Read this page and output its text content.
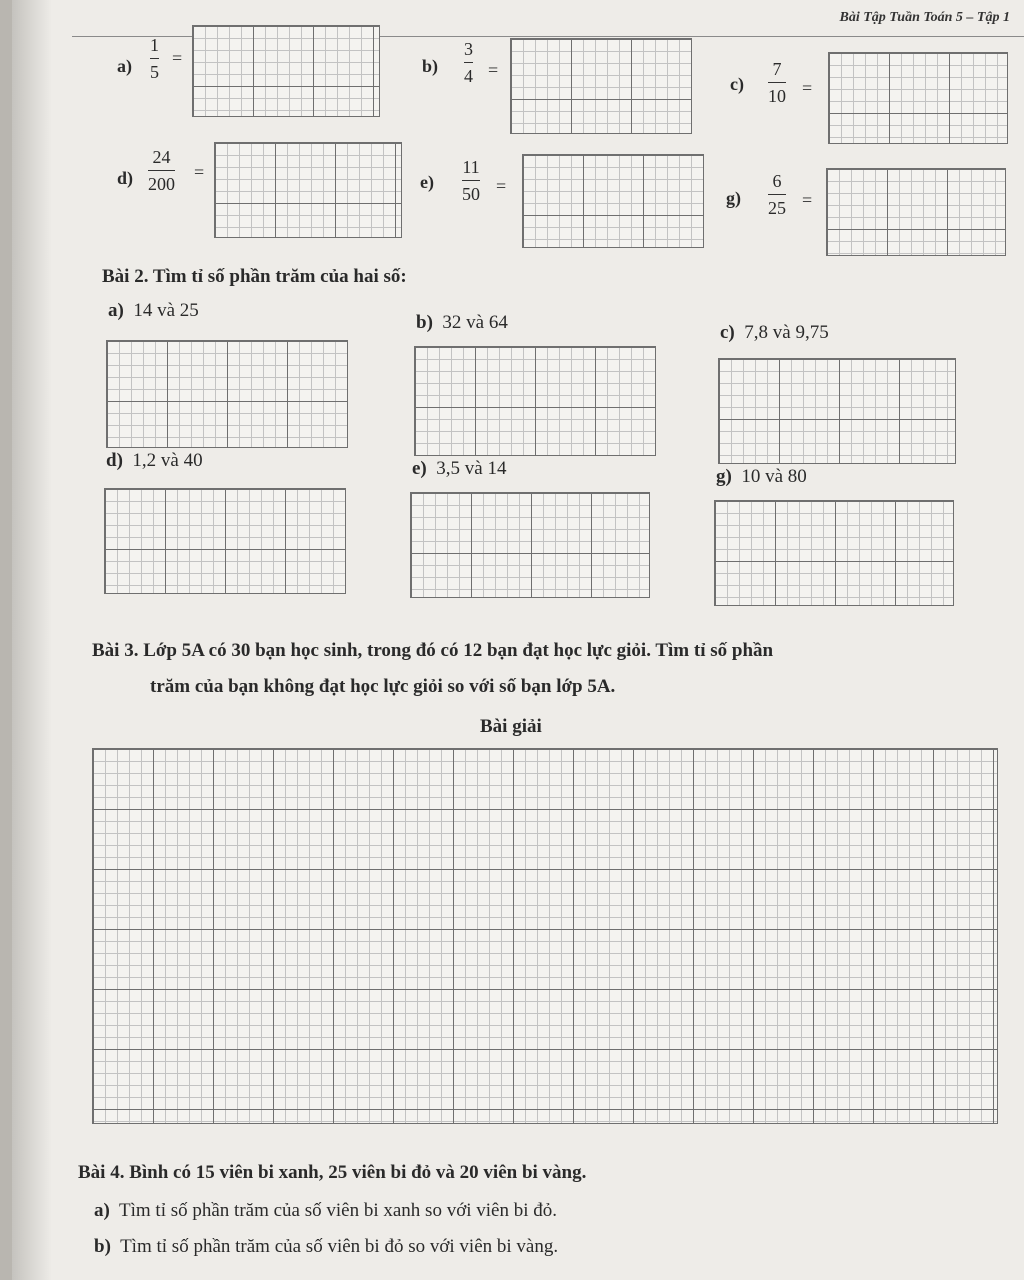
Bài Tập Tuần Toán 5 – Tập 1
a)
1
5
=	b)
3
4 =
c)
7
10 =
d)
24
200
=	e)
11
50 =
g)
6
25 =
Bài 2. Tìm tỉ số phần trăm của hai số:
a) 14 và 25
b) 32 và 64	c) 7,8 và 9,75
d) 1,2 và 40	e) 3,5 và 14	g) 10 và 80
Bài 3. Lớp 5A có 30 bạn học sinh, trong đó có 12 bạn đạt học lực giỏi. Tìm tỉ số phần
trăm của bạn không đạt học lực giỏi so với số bạn lớp 5A.
Bài giải
Bài 4. Bình có 15 viên bi xanh, 25 viên bi đỏ và 20 viên bi vàng.
a) Tìm tỉ số phần trăm của số viên bi xanh so với viên bi đỏ.
b) Tìm tỉ số phần trăm của số viên bi đỏ so với viên bi vàng.
